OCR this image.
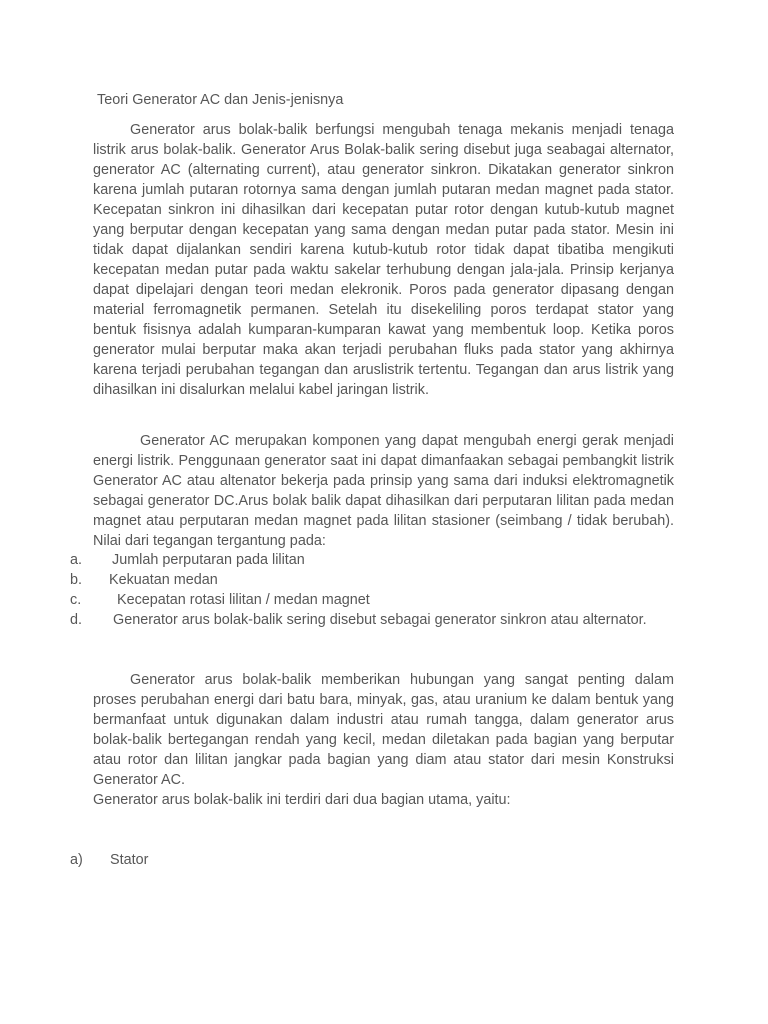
Teori Generator AC dan Jenis-jenisnya

Generator arus bolak-balik berfungsi mengubah tenaga mekanis menjadi tenaga listrik arus bolak-balik. Generator Arus Bolak-balik sering disebut juga seabagai alternator, generator AC (alternating current), atau generator sinkron. Dikatakan generator sinkron karena jumlah putaran rotornya sama dengan jumlah putaran medan magnet pada stator. Kecepatan sinkron ini dihasilkan dari kecepatan putar rotor dengan kutub-kutub magnet yang berputar dengan kecepatan yang sama dengan medan putar pada stator. Mesin ini tidak dapat dijalankan sendiri karena kutub-kutub rotor tidak dapat tibatiba mengikuti kecepatan medan putar pada waktu sakelar terhubung dengan jala-jala. Prinsip kerjanya dapat dipelajari dengan teori medan elekronik. Poros pada generator dipasang dengan material ferromagnetik permanen. Setelah itu disekeliling poros terdapat stator yang bentuk fisisnya adalah kumparan-kumparan kawat yang membentuk loop. Ketika poros generator mulai berputar maka akan terjadi perubahan fluks pada stator yang akhirnya karena terjadi perubahan tegangan dan aruslistrik tertentu. Tegangan dan arus listrik yang dihasilkan ini disalurkan melalui kabel jaringan listrik.

Generator AC merupakan komponen yang dapat mengubah energi gerak menjadi energi listrik. Penggunaan generator saat ini dapat dimanfaakan sebagai pembangkit listrik Generator AC atau altenator bekerja pada prinsip yang sama dari induksi elektromagnetik sebagai generator DC.Arus bolak balik dapat dihasilkan dari perputaran lilitan pada medan magnet atau perputaran medan magnet pada lilitan stasioner (seimbang / tidak berubah). Nilai dari tegangan tergantung pada:

a. Jumlah perputaran pada lilitan
b. Kekuatan medan
c. Kecepatan rotasi lilitan / medan magnet
d.	Generator arus bolak-balik sering disebut sebagai generator sinkron atau alternator.

Generator arus bolak-balik memberikan hubungan yang sangat penting dalam proses perubahan energi dari batu bara, minyak, gas, atau uranium ke dalam bentuk yang bermanfaat untuk digunakan dalam industri atau rumah tangga, dalam generator arus bolak-balik bertegangan rendah yang kecil, medan diletakan pada bagian yang berputar atau rotor dan lilitan jangkar pada bagian yang diam atau stator dari mesin Konstruksi Generator AC.

Generator arus bolak-balik ini terdiri dari dua bagian utama, yaitu:

a) Stator
